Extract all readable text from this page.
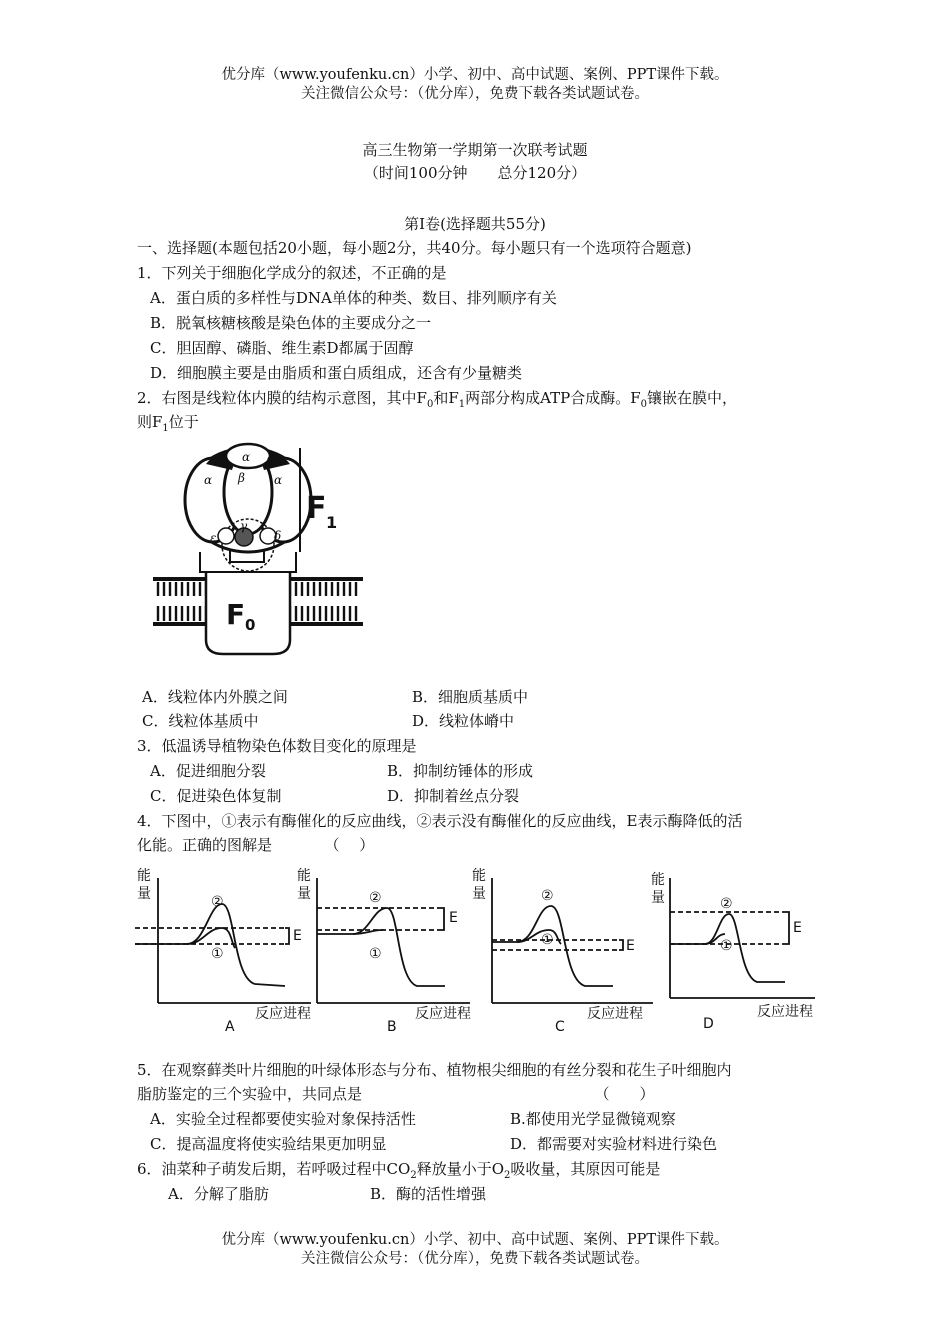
优分库（www.youfenku.cn）小学、初中、高中试题、案例、PPT课件下载。
关注微信公众号：（优分库），免费下载各类试题试卷。
高三生物第一学期第一次联考试题
（时间100分钟　　总分120分）
第Ⅰ卷(选择题共55分)
一、选择题(本题包括20小题，每小题2分，共40分。每小题只有一个选项符合题意)
1．下列关于细胞化学成分的叙述，不正确的是
A．蛋白质的多样性与DNA单体的种类、数目、排列顺序有关
B．脱氧核糖核酸是染色体的主要成分之一
C．胆固醇、磷脂、维生素D都属于固醇
D．细胞膜主要是由脂质和蛋白质组成，还含有少量糖类
2．右图是线粒体内膜的结构示意图，其中$F_0$和$F_1$两部分构成ATP合成酶。$F_0$镶嵌在膜中，
则$F_1$位于
α
α	α
β
β
ε
γ
δ
F 1
F 0
A．线粒体内外膜之间	B．细胞质基质中
C．线粒体基质中	D．线粒体嵴中
3．低温诱导植物染色体数目变化的原理是
A．促进细胞分裂	B．抑制纺锤体的形成
C．促进染色体复制	D．抑制着丝点分裂
4．下图中，①表示有酶催化的反应曲线，②表示没有酶催化的反应曲线，E表示酶降低的活
化能。正确的图解是　　　　（　 ）
能
量	②
①
E
反应进程
A
能
量	②
①
E
反应进程
B
能
量	②
①	E
反应进程
C
能
量	②
①
E
反应进程
D
5．在观察藓类叶片细胞的叶绿体形态与分布、植物根尖细胞的有丝分裂和花生子叶细胞内
脂肪鉴定的三个实验中，共同点是　　　　　　　　　　　　　　　　（　　）
A．实验全过程都要使实验对象保持活性	B.都使用光学显微镜观察
C．提高温度将使实验结果更加明显	D．都需要对实验材料进行染色
6．油菜种子萌发后期，若呼吸过程中$CO_2$释放量小于$O_2$吸收量，其原因可能是
A．分解了脂肪	B．酶的活性增强
优分库（www.youfenku.cn）小学、初中、高中试题、案例、PPT课件下载。
关注微信公众号：（优分库），免费下载各类试题试卷。
